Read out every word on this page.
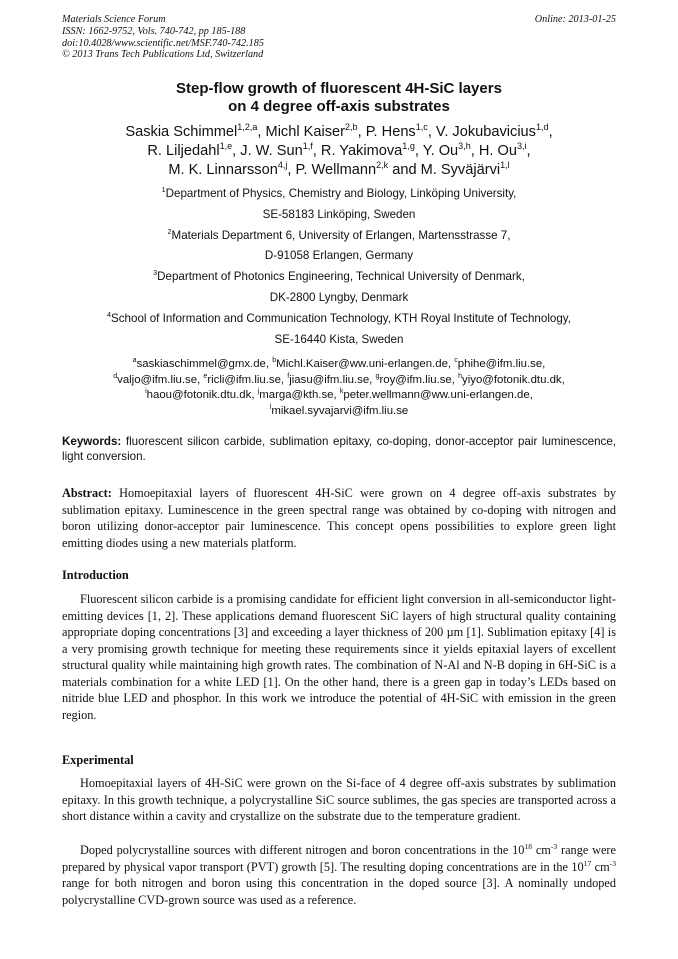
Materials Science Forum
ISSN: 1662-9752, Vols. 740-742, pp 185-188
doi:10.4028/www.scientific.net/MSF.740-742.185
© 2013 Trans Tech Publications Ltd, Switzerland
Online: 2013-01-25
Step-flow growth of fluorescent 4H-SiC layers
on 4 degree off-axis substrates
Saskia Schimmel$^{1,2,a}$, Michl Kaiser$^{2,b}$, P. Hens$^{1,c}$, V. Jokubavicius$^{1,d}$,
R. Liljedahl$^{1,e}$, J. W. Sun$^{1,f}$, R. Yakimova$^{1,g}$, Y. Ou$^{3,h}$, H. Ou$^{3,i}$,
M. K. Linnarsson$^{4,j}$, P. Wellmann$^{2,k}$ and M. Syväjärvi$^{1,l}$
$^1$Department of Physics, Chemistry and Biology, Linköping University,
SE-58183 Linköping, Sweden
$^2$Materials Department 6, University of Erlangen, Martensstrasse 7,
D-91058 Erlangen, Germany
$^3$Department of Photonics Engineering, Technical University of Denmark,
DK-2800 Lyngby, Denmark
$^4$School of Information and Communication Technology, KTH Royal Institute of Technology,
SE-16440 Kista, Sweden
$^a$saskiaschimmel@gmx.de, $^b$Michl.Kaiser@ww.uni-erlangen.de, $^c$phihe@ifm.liu.se,
$^d$valjo@ifm.liu.se, $^e$ricli@ifm.liu.se, $^f$jiasu@ifm.liu.se, $^g$roy@ifm.liu.se, $^h$yiyo@fotonik.dtu.dk,
$^i$haou@fotonik.dtu.dk, $^j$marga@kth.se, $^k$peter.wellmann@ww.uni-erlangen.de,
$^l$mikael.syvajarvi@ifm.liu.se
Keywords: fluorescent silicon carbide, sublimation epitaxy, co-doping, donor-acceptor pair luminescence, light conversion.
Abstract: Homoepitaxial layers of fluorescent 4H-SiC were grown on 4 degree off-axis substrates by sublimation epitaxy. Luminescence in the green spectral range was obtained by co-doping with nitrogen and boron utilizing donor-acceptor pair luminescence. This concept opens possibilities to explore green light emitting diodes using a new materials platform.
Introduction

Fluorescent silicon carbide is a promising candidate for efficient light conversion in all-semiconductor light-emitting devices [1, 2]. These applications demand fluorescent SiC layers of high structural quality containing appropriate doping concentrations [3] and exceeding a layer thickness of 200 µm [1]. Sublimation epitaxy [4] is a very promising growth technique for meeting these requirements since it yields epitaxial layers of excellent structural quality while maintaining high growth rates. The combination of N-Al and N-B doping in 6H-SiC is a materials combination for a white LED [1]. On the other hand, there is a green gap in today’s LEDs based on nitride blue LED and phosphor. In this work we introduce the potential of 4H-SiC with emission in the green region.

Experimental

Homoepitaxial layers of 4H-SiC were grown on the Si-face of 4 degree off-axis substrates by sublimation epitaxy. In this growth technique, a polycrystalline SiC source sublimes, the gas species are transported across a short distance within a cavity and crystallize on the substrate due to the temperature gradient.

Doped polycrystalline sources with different nitrogen and boron concentrations in the $10^{18}$ $cm^{-3}$ range were prepared by physical vapor transport (PVT) growth [5]. The resulting doping concentrations are in the $10^{17}$ $cm^{-3}$ range for both nitrogen and boron using this concentration in the doped source [3]. A nominally undoped polycrystalline CVD-grown source was used as a reference.
